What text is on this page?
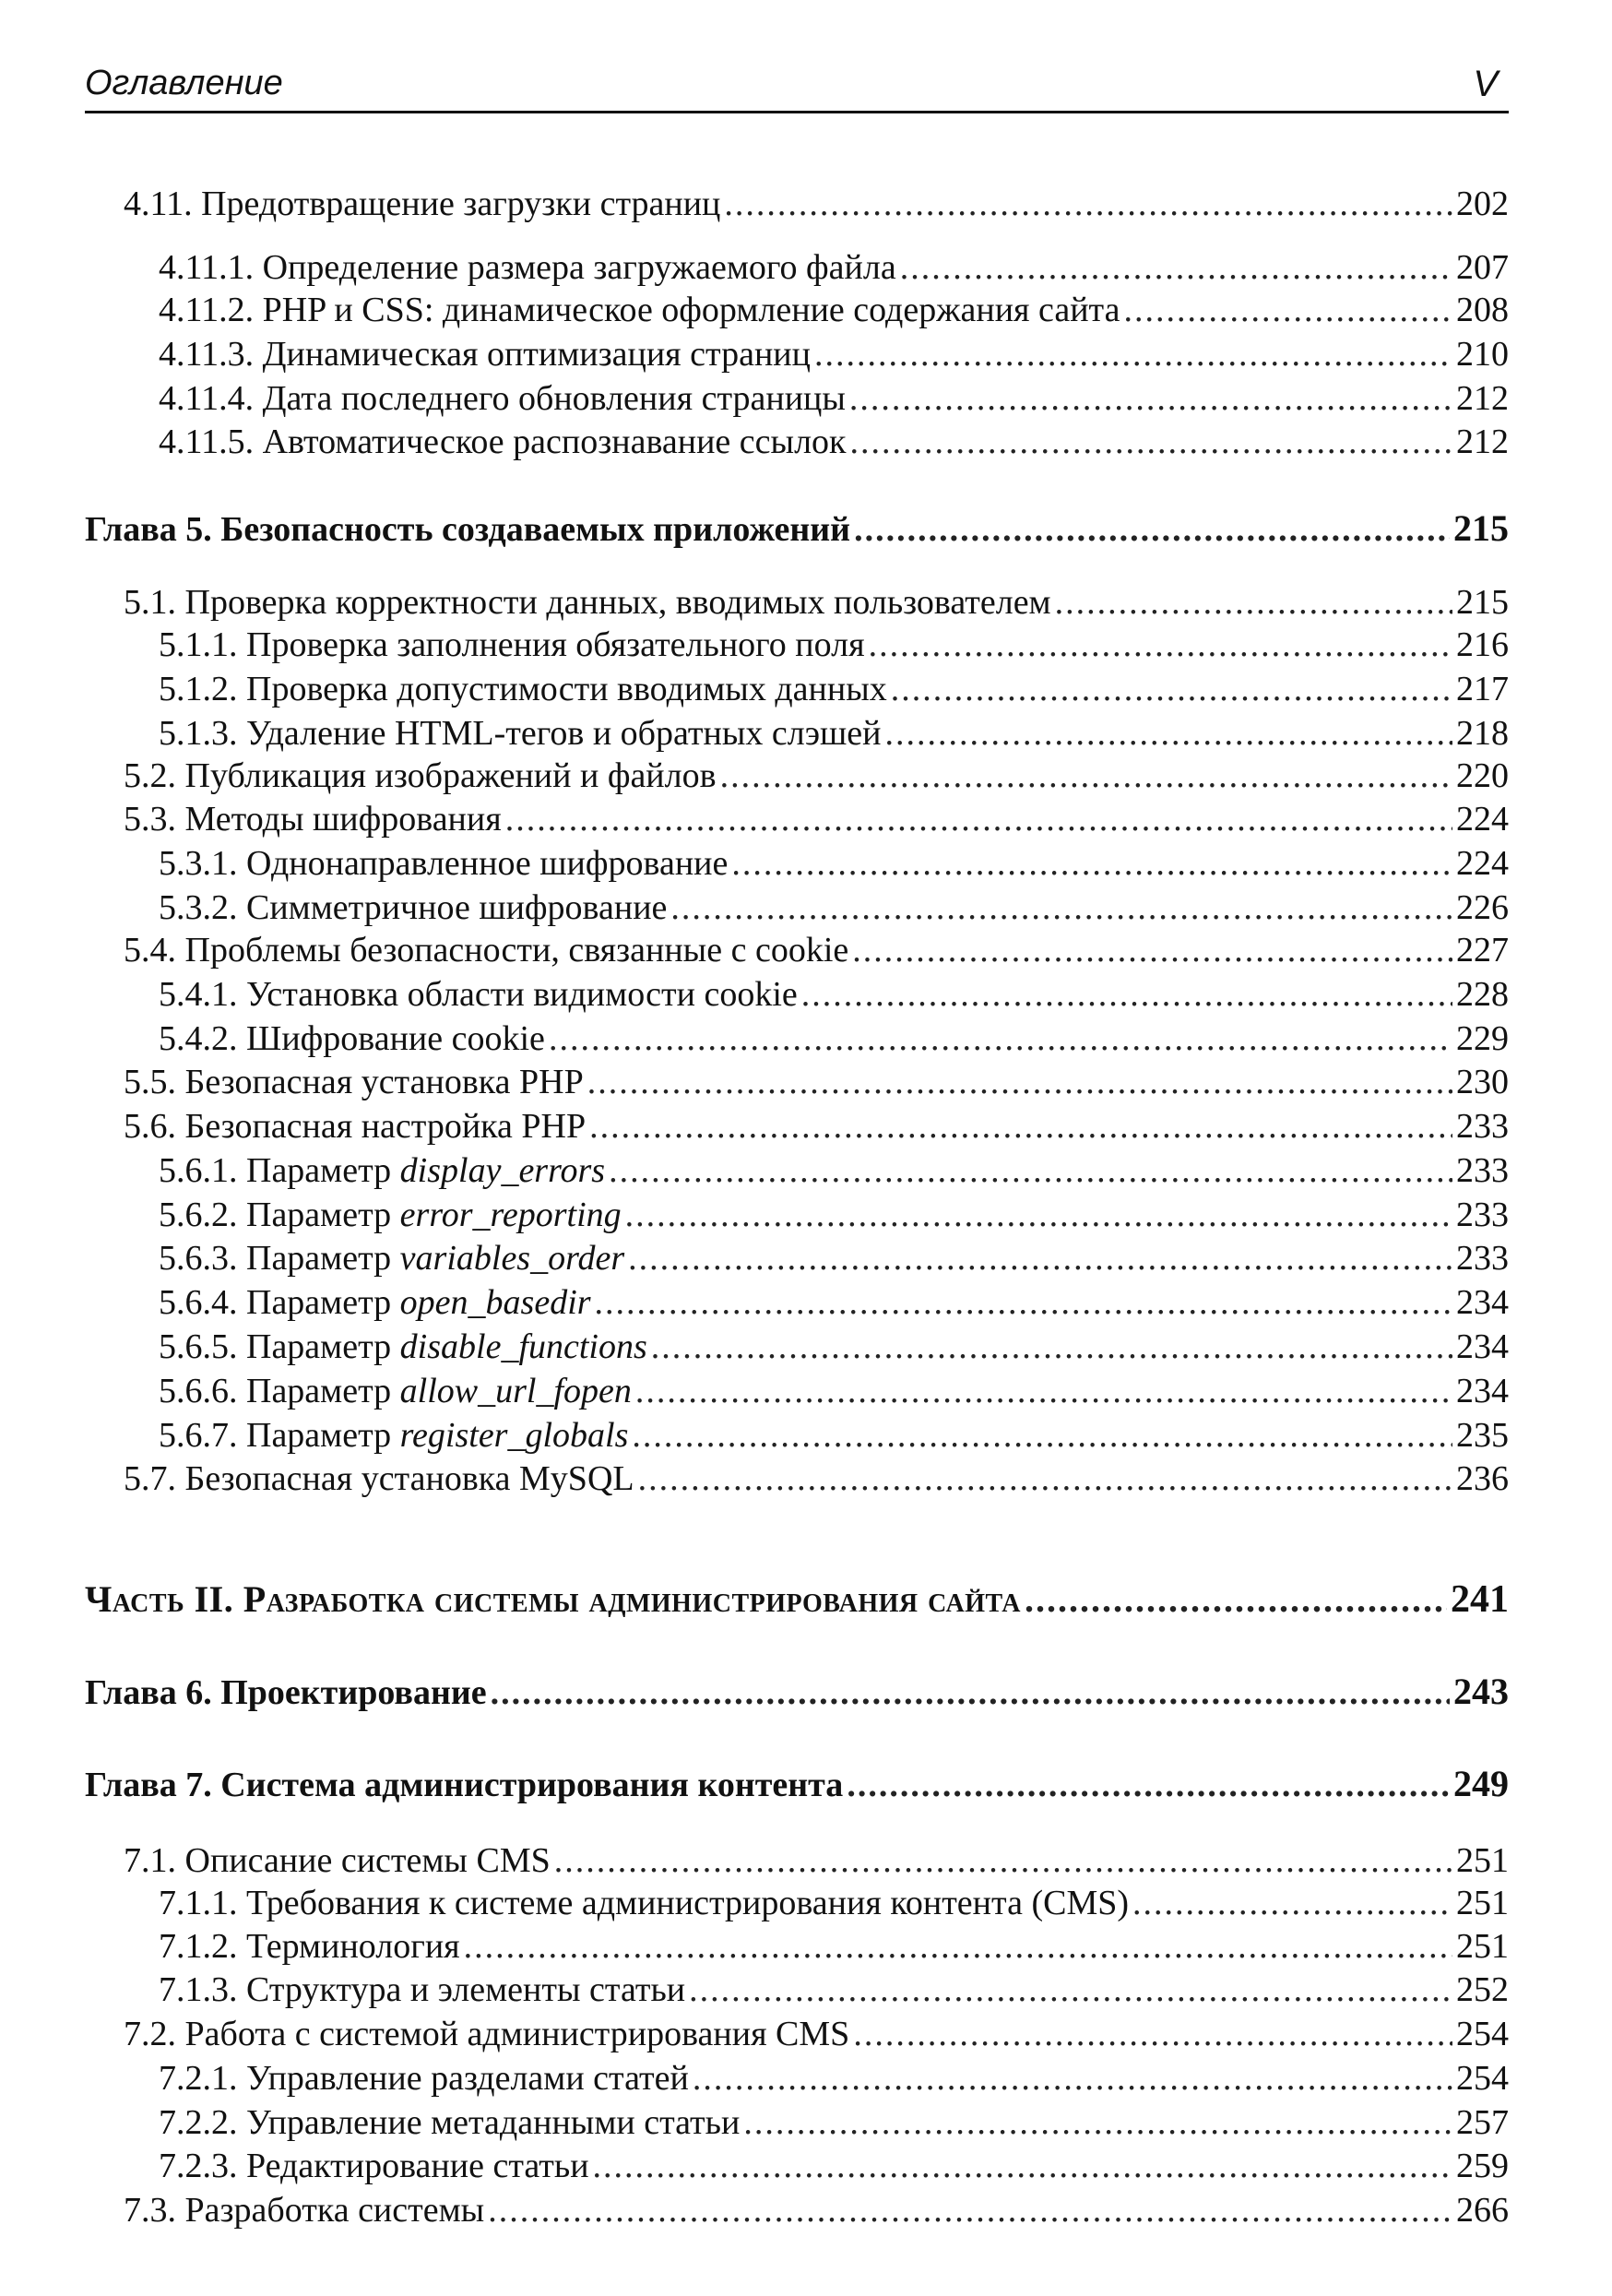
Оглавление	V
4.11. Предотвращение загрузки страниц .....	202
4.11.1. Определение размера загружаемого файла .....	207
4.11.2. PHP и CSS: динамическое оформление содержания сайта .....	208
4.11.3. Динамическая оптимизация страниц .....	210
4.11.4. Дата последнего обновления страницы .....	212
4.11.5. Автоматическое распознавание ссылок .....	212
Глава 5. Безопасность создаваемых приложений .....	215
5.1. Проверка корректности данных, вводимых пользователем .....	215
5.1.1. Проверка заполнения обязательного поля .....	216
5.1.2. Проверка допустимости вводимых данных .....	217
5.1.3. Удаление HTML-тегов и обратных слэшей .....	218
5.2. Публикация изображений и файлов .....	220
5.3. Методы шифрования .....	224
5.3.1. Однонаправленное шифрование .....	224
5.3.2. Симметричное шифрование .....	226
5.4. Проблемы безопасности, связанные с cookie .....	227
5.4.1. Установка области видимости cookie .....	228
5.4.2. Шифрование cookie .....	229
5.5. Безопасная установка PHP .....	230
5.6. Безопасная настройка PHP .....	233
5.6.1. Параметр display_errors .....	233
5.6.2. Параметр error_reporting .....	233
5.6.3. Параметр variables_order .....	233
5.6.4. Параметр open_basedir .....	234
5.6.5. Параметр disable_functions .....	234
5.6.6. Параметр allow_url_fopen .....	234
5.6.7. Параметр register_globals .....	235
5.7. Безопасная установка MySQL .....	236
Часть II. Разработка системы администрирования сайта .....	241
Глава 6. Проектирование .....	243
Глава 7. Система администрирования контента .....	249
7.1. Описание системы CMS .....	251
7.1.1. Требования к системе администрирования контента (CMS) .....	251
7.1.2. Терминология .....	251
7.1.3. Структура и элементы статьи .....	252
7.2. Работа с системой администрирования CMS .....	254
7.2.1. Управление разделами статей .....	254
7.2.2. Управление метаданными статьи .....	257
7.2.3. Редактирование статьи .....	259
7.3. Разработка системы .....	266
